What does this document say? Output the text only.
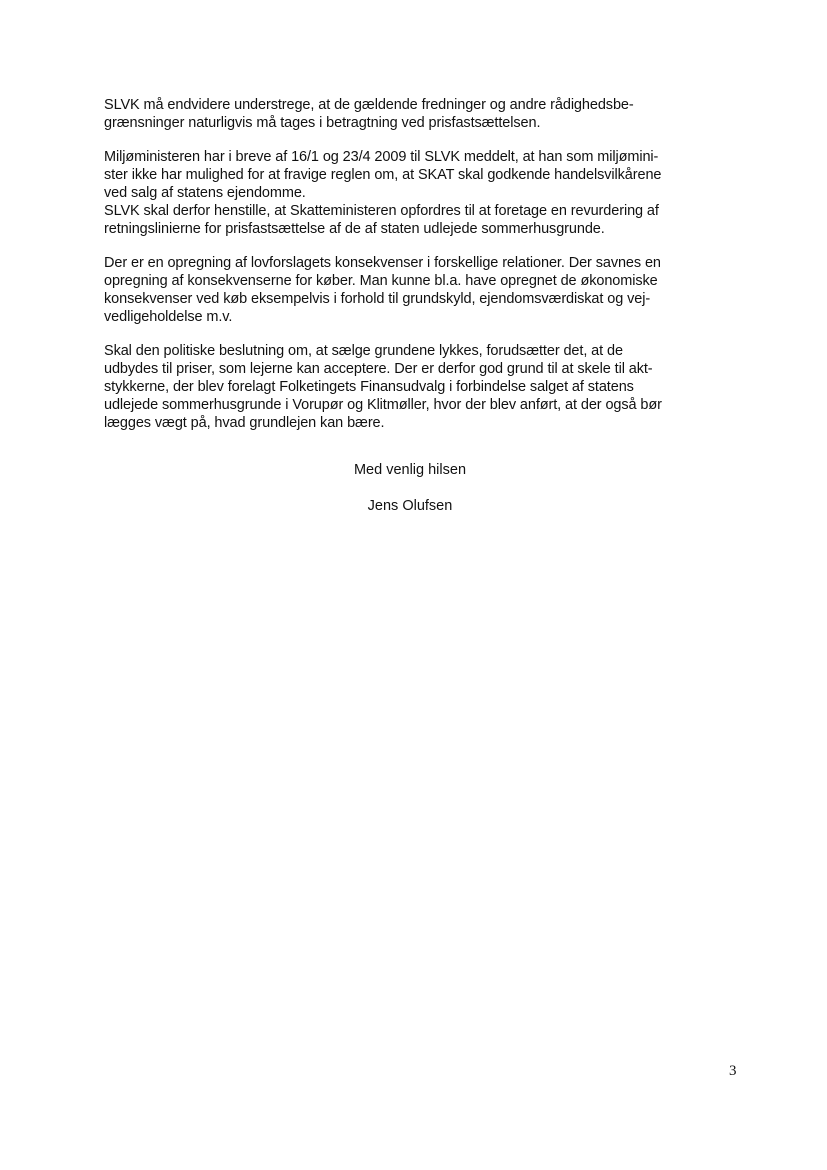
SLVK må endvidere understrege, at de gældende fredninger og andre rådighedsbe-
grænsninger naturligvis må tages i betragtning ved prisfastsættelsen.
Miljøministeren har i breve af 16/1 og 23/4 2009 til SLVK meddelt, at han som miljømini-
ster ikke har mulighed for at fravige reglen om, at SKAT skal godkende handelsvilkårene
ved salg af statens ejendomme.
SLVK skal derfor henstille, at Skatteministeren opfordres til at foretage en revurdering af
retningslinierne for prisfastsættelse af de af staten udlejede sommerhusgrunde.
Der er en opregning af lovforslagets konsekvenser i forskellige relationer. Der savnes en
opregning af konsekvenserne for køber. Man kunne bl.a. have opregnet de økonomiske
konsekvenser ved køb eksempelvis i forhold til grundskyld, ejendomsværdiskat og vej-
vedligeholdelse m.v.
Skal den politiske beslutning om, at sælge grundene lykkes, forudsætter det, at de
udbydes til priser, som lejerne kan acceptere. Der er derfor god grund til at skele til akt-
stykkerne, der blev forelagt Folketingets Finansudvalg i forbindelse salget af statens
udlejede sommerhusgrunde i Vorupør og Klitmøller, hvor der blev anført, at der også bør
lægges vægt på, hvad grundlejen kan bære.
Med venlig hilsen
Jens Olufsen
3
